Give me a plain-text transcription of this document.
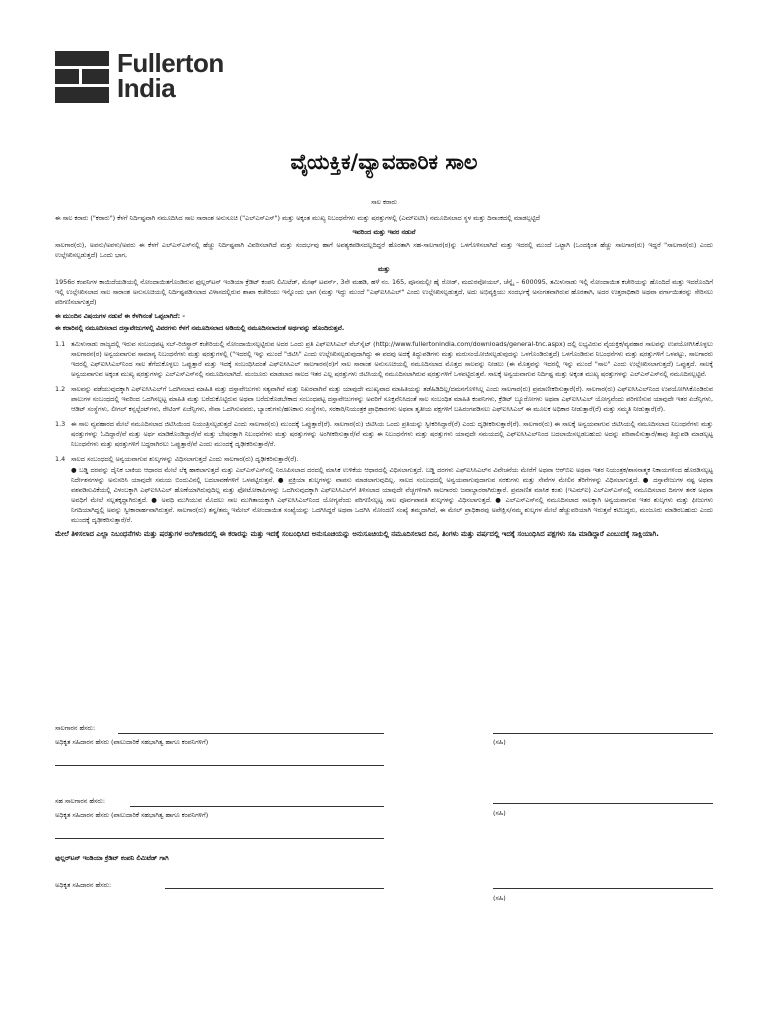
Fullerton
India
ವೈಯಕ್ತಿಕ/ವ್ಯಾವಹಾರಿಕ ಸಾಲ
ಸಾಲ ಕರಾರು

ಈ ಸಾಲ ಕರಾರು ("ಕರಾರು") ಕೆಳಗೆ ನಿರ್ದಿಷ್ಟವಾಗಿ ನಮೂದಿಸಿದ ಸಾಲ ಸಾರಾಂಶ ಅನುಸೂಚಿ ("ಎಲ್‌ಎಸ್‌ಎಸ್") ಮತ್ತು ಅಕ್ಕಂತ ಮುಖ್ಯ ನಿಬಂಧನೆಗಳು ಮತ್ತು ಷರತ್ತುಗಳಲ್ಲಿ (ಎಮ್‌ಐಟಿಸಿ) ನಮೂದಿಸಲಾದ ಸ್ಥಳ ಮತ್ತು ದಿನಾಂಕದಲ್ಲಿ ಮಾಡಲ್ಪಟ್ಟಿದೆ

ಇವರಿಂದ ಮತ್ತು ಇವರ ನಡುವೆ

ಸಾಲಗಾರ(ರು), ಅವನು/ಅವಳು/ಅವರು ಈ ಕೆಳಗೆ ಎಲ್‌ಎಸ್‌ಎಸ್‌ನಲ್ಲಿ ಹೆಚ್ಚು ನಿರ್ದಿಷ್ಟವಾಗಿ ವಿವರಿಸಲಾಗಿದೆ ಮತ್ತು ಸಂದರ್ಭವು ಹಾಗೆ ಅವಶ್ಯಕಪಡಿಸದಲ್ಲದಿದ್ದರೆ ಹೊರತಾಗಿ ಸಹ-ಸಾಲಗಾರ(ರ)ನ್ನು ಒಳಗೊಳಿಸಲಾಗಿದೆ ಮತ್ತು ಇದರಲ್ಲಿ ಮುಂದೆ ಒಟ್ಟಾಗಿ (ಒಂದಕ್ಕಿಂತ ಹೆಚ್ಚು ಸಾಲಗಾರ(ರು) ಇದ್ದರೆ "ಸಾಲಗಾರ(ರು) ಎಂದು ಉಲ್ಲೇಖಿಸಲ್ಪಡುತ್ತದೆ) ಒಂದು ಭಾಗ,

ಮತ್ತು

1956ರ ಕಂಪನಿಗಳ ಕಾಯಿದೆಯಡಿಯಲ್ಲಿ ನೋಂದಾಯಿತಗೊಂಡಿರುವ ಫುಲ್ಲರ್‌ಟನ್ ಇಂಡಿಯಾ ಕ್ರೆಡಿಟ್ ಕಂಪನಿ ಲಿಮಿಟೆಡ್, ಮೇಘ್ ಟವರ್ಸ್, 3ನೇ ಮಹಡಿ, ಹಳೆ ನಂ. 165, ಪೂನಮಲ್ಲೀ ಹೈ ರೋಡ್, ಮದುರವೋಯಲ್, ಚೆನ್ನೈ – 600095, ತಮಿಳುನಾಡು ಇಲ್ಲಿ ನೋಂದಾಯಿತ ಕಚೇರಿಯನ್ನು ಹೊಂದಿದೆ ಮತ್ತು ಇದರೊಂದಿಗೆ ಇಲ್ಲಿ ಉಲ್ಲೇಖಿಸಲಾದ ಸಾಲ ಸಾರಾಂಶ ಅನುಸೂಚಿಯಲ್ಲಿ ನಿರ್ದಿಷ್ಟಪಡಿಸಲಾದ ವಿಳಾಸದಲ್ಲಿರುವ ಶಾಖಾ ಕಚೇರಿಯು ಇನ್ನೊಂದು ಭಾಗ (ಮತ್ತು ಇದ್ದು ಮುಂದೆ "ಎಫ್‌ಐಸಿಸಿಎಲ್" ಎಂದು ಉಲ್ಲೇಖಿಸಲ್ಪಡುತ್ತದೆ, ಅದು ಅಭಿವ್ಯಕ್ತಿಯು ಸಂದರ್ಭಕ್ಕೆ ಅಸಂಗತವಾಗಿರುವ ಹೊರತಾಗಿ, ಅದರ ಉತ್ತರಾಧಿಕಾರಿ ಅಥವಾ ವರ್ಗಾಯಿತರನ್ನು ಸೇರಿಸಲು ಪರಿಗಣಿಸಲಾಗುತ್ತದೆ)

ಈ ಮುಂದಿನ ವಿಷಯಗಳ ನಡುವೆ ಈ ಕೆಳಗಿನಂತೆ ಒಪ್ಪಲಾಗಿದೆ: -
ಈ ಕರಾರಿನಲ್ಲಿ ನಮೂದಿಸಲಾದ ದಸ್ತಾವೇಜುಗಳಲ್ಲಿ ವಿವರಗಳು ಕೆಳಗೆ ನಮೂದಿಸಲಾದ ಅಡಿಯಲ್ಲಿ ನಮೂದಿಸಲಾದಂತೆ ಅರ್ಥವನ್ನು ಹೊಂದಿರುತ್ತವೆ.
1.1 ತಮಿಳುನಾಡು ರಾಜ್ಯದಲ್ಲಿ ಇರುವ ಸಂಬಂಧಪಟ್ಟ ಸಬ್-ರಿಜಿಸ್ಟ್ರಾರ್ ಕಚೇರಿಯಲ್ಲಿ ನೋಂದಾಯಿಸಲ್ಪಟ್ಟಿರುವ ಅದರ ಒಂದು ಪ್ರತಿ ಎಫ್‌ಐಸಿಸಿಎಲ್ ವೆಬ್‌ಸೈಟ್ (http://www.fullertonindia.com/downloads/general-tnc.aspx) ದಲ್ಲಿ ಲಭ್ಯವಿರುವ ವೈಯಕ್ತಿಕ/ವ್ಯವಹಾರ ಸಾಲವನ್ನು ಉಪಯೋಗಿಸಿಕೊಳ್ಳಲು ಸಾಲಗಾರನ(ರ) ಅನ್ವಯವಾಗುವ ಸಾಮಾನ್ಯ ನಿಬಂಧನೆಗಳು ಮತ್ತು ಷರತ್ತುಗಳಲ್ಲಿ ("ಇದರಲ್ಲಿ ಇನ್ನು ಮುಂದೆ "ಜಿಟಿಸಿ" ಎಂದು ಉಲ್ಲೇಖಿಸಲ್ಪಡುವುದಾಗಿದ್ದು ಈ ಪದವು ಅದಕ್ಕೆ ತಿದ್ದುಪಡಿಗಳು ಮತ್ತು ಮರುಸಂಯೋಜಿಸಲ್ಪಡುವುದನ್ನು ಒಳಗೊಂಡಿರುತ್ತದೆ) ಒಳಗೊಂಡಿರುವ ನಿಬಂಧನೆಗಳು ಮತ್ತು ಷರತ್ತುಗಳಿಗೆ ಒಳಪಟ್ಟು, ಸಾಲಗಾರರು ಇದರಲ್ಲಿ ಎಫ್‌ಐಸಿಸಿಎಲ್‌ನಿಂದ ಸಾಲ ತೆಗೆದುಕೊಳ್ಳಲು ಒಪ್ಪುತ್ತಾರೆ ಮತ್ತು ಇದಕ್ಕೆ ಸಂಬಂಧಿಸಿದಂತೆ ಎಫ್‌ಐಸಿಸಿಎಲ್ ಸಾಲಗಾರನ(ರ)ಗೆ ಸಾಲ ಸಾರಾಂಶ ಅನುಸೂಚಿಯಲ್ಲಿ ನಮೂದಿಸಲಾದ ಮೊತ್ತದ ಸಾಲವನ್ನು ನೀಡಲು (ಈ ಮೊತ್ತವನ್ನು ಇದರಲ್ಲಿ ಇನ್ನು ಮುಂದೆ "ಸಾಲ" ಎಂದು ಉಲ್ಲೇಖಿಸಲಾಗುತ್ತದೆ) ಒಪ್ಪುತ್ತದೆ. ಸಾಲಕ್ಕೆ ಅನ್ವಯವಾಗುವ ಅಕ್ಕಂತ ಮುಖ್ಯ ಷರತ್ತುಗಳನ್ನು ಎಲ್‌ಎಸ್‌ಎಸ್‌ನಲ್ಲಿ ನಮೂದಿಸಲಾಗಿದೆ. ಮಂಜೂರು ಮಾಡಲಾದ ಸಾಲದ ಇತರ ಎಲ್ಲ ಷರತ್ತುಗಳು ಜಿಟಿಸಿಯಲ್ಲಿ ನಮೂದಿಸಲಾಗಿರುವ ಷರತ್ತುಗಳಿಗೆ ಒಳಪಟ್ಟಿರುತ್ತವೆ. ಸಾಲಕ್ಕೆ ಅನ್ವಯವಾಗುವ ನಿರ್ದಿಷ್ಟ ಮತ್ತು ಅಕ್ಕಂತ ಮುಖ್ಯ ಷರತ್ತುಗಳನ್ನು ಎಲ್‌ಎಸ್‌ಎಸ್‌ನಲ್ಲಿ ನಮೂದಿಸಲ್ಪಟ್ಟಿವೆ.
1.2 ಸಾಲವನ್ನು ಪಡೆಯುವುದಕ್ಕಾಗಿ ಎಫ್‌ಐಸಿಸಿಎಲ್‌ಗೆ ಒದಗಿಸಲಾದ ಮಾಹಿತಿ ಮತ್ತು ದಸ್ತಾವೇಜುಗಳು ಸತ್ಯವಾಗಿವೆ ಮತ್ತು ನಿಖರವಾಗಿವೆ ಮತ್ತು ಯಾವುದೇ ಮುಖ್ಯವಾದ ಮಾಹಿತಿಯನ್ನು ತಡೆಹಿಡಿದಿಲ್ಲ/ದಮನಗೊಳಿಸಿಲ್ಲ ಎಂದು ಸಾಲಗಾರ(ರು) ಪ್ರಮಾಣೀಕರಿಸುತ್ತಾರೆ(ರೆ). ಸಾಲಗಾರ(ರು) ಎಫ್‌ಐಸಿಸಿಎಲ್‌ನಿಂದ ಉಪಯೋಗಿಸಿಕೊಂಡಿರುವ ಪಾಲುಗಳ ಸಂಬಂಧದಲ್ಲಿ ಇವರಿಂದ ಒದಗಿಸಲ್ಪಟ್ಟ ಮಾಹಿತಿ ಮತ್ತು ಬರೆದುಕೊಟ್ಟಿರುವ ಅಥವಾ ಬರೆದುಕೊಡಬೇಕಾದ ಸಂಬಂಧಪಟ್ಟ ದಸ್ತಾವೇಜುಗಳನ್ನು ಅವರಿಗೆ ಸೂಕ್ತವೆನಿಸಿದಂತೆ ಸಾಲ ಸಂಬಂಧಿತ ಮಾಹಿತಿ ಕಂಪನಿಗಳು, ಕ್ರೆಡಿಟ್ ಬ್ಯೂರೋಗಳು ಅಥವಾ ಎಫ್‌ಐಸಿಸಿಎಲ್ ಯೋಗ್ಯವೆಂದು ಪರಿಗಣಿಸುವ ಯಾವುದೇ ಇತರ ಏಜೆನ್ಸಿಗಳು, ಆಡಿಟ್ ಸಂಸ್ಥೆಗಳು, ಲೀಗಲ್ ಕನ್ಸಲ್ಟೆಂಟ್‌ಗಳು, ರೇಟಿಂಗ್ ಏಜೆನ್ಸಿಗಳು, ಸೇವಾ ಒದಗಿಸುವವರು, ಬ್ಯಾಂಕುಗಳು/ಹಣಕಾಸು ಸಂಸ್ಥೆಗಳು, ಸರಕಾರಿ/ನಿಯಂತ್ರಕ ಪ್ರಾಧಿಕಾರಗಳು ಅಥವಾ ತೃತೀಯ ಪಕ್ಷಗಳಿಗೆ ಬಹಿರಂಗಪಡಿಸಲು ಎಫ್‌ಐಸಿಸಿಎಲ್ ಈ ಮೂಲಕ ಅಧಿಕಾರ ನೀಡುತ್ತಾರೆ(ರೆ) ಮತ್ತು ಸಮ್ಮತಿ ನೀಡುತ್ತಾರೆ(ರೆ).
1.3 ಈ ಸಾಲ ವ್ಯವಹಾರದ ಮೇಲೆ ನಮೂದಿಸಲಾದ ಜಿಟಿಸಿಯಿಂದ ನಿಯಂತ್ರಿಸಲ್ಪಡುತ್ತದೆ ಎಂದು ಸಾಲಗಾರ(ರು) ಮುಂದಕ್ಕೆ ಒಪ್ಪುತ್ತಾರೆ(ರೆ). ಸಾಲಗಾರ(ರು) ಜಿಟಿಸಿಯ ಒಂದು ಪ್ರತಿಯನ್ನು ಸ್ವೀಕರಿಸಿದ್ದಾರೆ(ರೆ) ಎಂದು ದೃಢೀಕರಿಸುತ್ತಾರೆ(ರೆ). ಸಾಲಗಾರ(ರು) ಈ ಸಾಲಕ್ಕೆ ಅನ್ವಯವಾಗುವ ಜಿಟಿಸಿಯಲ್ಲಿ ನಮೂದಿಸಲಾದ ನಿಬಂಧನೆಗಳು ಮತ್ತು ಷರತ್ತುಗಳನ್ನು ಓದಿದ್ದಾರೆ/ವೆ ಮತ್ತು ಅರ್ಥ ಮಾಡಿಕೊಂಡಿದ್ದಾರೆ/ವೆ ಮತ್ತು ಬೇಷರತ್ತಾಗಿ ನಿಬಂಧನೆಗಳು ಮತ್ತು ಷರತ್ತುಗಳನ್ನು ಅಂಗೀಕರಿಸುತ್ತಾರೆ/ವೆ ಮತ್ತು ಈ ನಿಬಂಧನೆಗಳು ಮತ್ತು ಷರತ್ತುಗಳು ಯಾವುದೇ ಸಮಯದಲ್ಲಿ ಎಫ್‌ಐಸಿಸಿಎಲ್‌ನಿಂದ ಬದಲಾಯಿಸಲ್ಪಡಬಹುದು ಅದನ್ನು ಪರಿಪಾಲಿಸುತ್ತಾರೆ/ತಾವು ತಿದ್ದುಪಡಿ ಮಾಡಲ್ಪಟ್ಟ ನಿಬಂಧನೆಗಳು ಮತ್ತು ಷರತ್ತುಗಳಿಗೆ ಬದ್ಧರಾಗಿರಲು ಒಪ್ಪುತ್ತಾರೆ/ವೆ ಎಂದು ಮುಂದಕ್ಕೆ ದೃಢೀಕರಿಸುತ್ತಾರೆ/ರೆ.
1.4 ಸಾಲದ ಸಂಬಂಧದಲ್ಲಿ ಅನ್ವಯವಾಗುವ ಶುಲ್ಕಗಳನ್ನು ವಿಧಿಸಲಾಗುತ್ತದೆ ಎಂದು ಸಾಲಗಾರ(ರು) ದೃಢೀಕರಿಸುತ್ತಾರೆ(ರೆ).

● ಬಡ್ಡಿ ದರವನ್ನು ದೈನಿಕ ಬಾಕಿಯ ಆಧಾರದ ಮೇಲೆ ಲೆಕ್ಕ ಹಾಕಲಾಗುತ್ತದೆ ಮತ್ತು ಎಲ್‌ಎಸ್‌ಎಸ್‌ನಲ್ಲಿ ನಿರೂಪಿಸಲಾದ ದರದಲ್ಲಿ ಮಾಸಿಕ ಉಳಿಕೆಯ ಆಧಾರದಲ್ಲಿ ವಿಧಿಸಲಾಗುತ್ತದೆ. ಬಡ್ಡಿ ದರಗಳು ಎಫ್‌ಐಸಿಸಿಎಲ್‌ನ ವಿವೇಚನೆಯ ಮೇರೆಗೆ ಅಥವಾ ಆರ್‌ಬಿಐ ಅಥವಾ ಇತರ ನಿಯಂತ್ರಕ/ಶಾಸನಾತ್ಮಕ ನಿಕಾಯಗಳಿಂದ ಹೊರಡಿಸಲ್ಪಟ್ಟ ನಿರ್ದೇಶನಗಳನ್ನು ಅನುಸರಿಸಿ ಯಾವುದೇ ಸಮಯ ಬಿಂದುವಿನಲ್ಲಿ ಬದಲಾವಣೆಗಳಿಗೆ ಒಳಪಟ್ಟಿರುತ್ತವೆ. ● ಪ್ರಕ್ರಿಯಾ ಶುಲ್ಕಗಳನ್ನು ವಾಪಸು ಮಾಡಲಾಗುವುದಿಲ್ಲ. ಸಾಲದ ಸಂಬಂಧದಲ್ಲಿ ಅನ್ವಯವಾಗುವುದಾಗುವ ಸರಕುಗಳು ಮತ್ತು ಸೇವೆಗಳ ಮೇಲಿನ ತೆರಿಗೆಗಳನ್ನು ವಿಧಿಸಲಾಗುತ್ತದೆ. ● ದಸ್ತಾವೇಜುಗಳ ನಷ್ಟ ಅಥವಾ ವಶಪಡಿಸುವಿಕೆಯಲ್ಲಿ ವಿಳಂಬಕ್ಕಾಗಿ ಎಫ್‌ಐಸಿಸಿಎಲ್ ಹೊಣೆಯಾಗಿರುವುದಿಲ್ಲ ಮತ್ತು ಫೋಟೋಕಾಪಿಗಳನ್ನು ಒದಗಿಸುವುದಕ್ಕಾಗಿ ಎಫ್‌ಐಸಿಸಿಎಲ್‌ಗೆ ತಿಳಿಸಲಾದ ಯಾವುದೇ ವೆಚ್ಚಗಳಿಗಾಗಿ ಸಾಲಗಾರರು ಜವಾಬ್ದಾರರಾಗಿರುತ್ತಾರೆ. ಪ್ರಮಾಣಿತ ಮಾಸಿಕ ಕಂತು (ಇಎಮ್‌ಐ) ಎಲ್‌ಎಸ್‌ಎಸ್‌ನಲ್ಲಿ ನಮೂದಿಸಲಾದ ದಿನಗಳ ತನಕ ಅಥವಾ ಅವಧಿಗೆ ಮೇಲೆ ಸಲ್ಲತಕ್ಕದ್ದಾಗಿರುತ್ತದೆ. ● ಅವಧಿ ಮುಗಿಯುವ ಮೊದಲು ಸಾಲ ಮುಗಿತಾಯಕ್ಕಾಗಿ ಎಫ್‌ಐಸಿಸಿಎಲ್‌ನಿಂದ ಯೋಗ್ಯವೆಂದು ಪರಿಗಣಿಸಲ್ಪಟ್ಟ ಸಾಲ ಪೂರ್ವಪಾವತಿ ಶುಲ್ಕಗಳನ್ನು ವಿಧಿಸಲಾಗುತ್ತದೆ. ● ಎಲ್‌ಎಸ್‌ಎಸ್‌ನಲ್ಲಿ ನಮೂದಿಸಲಾದ ಸಾಲಕ್ಕಾಗಿ ಅನ್ವಯವಾಗುವ ಇತರ ಶುಲ್ಕಗಳು ಮತ್ತು ಫೀಜುಗಳು ನಿಗದಿಯಾಗಿದ್ದಲ್ಲಿ ಅವನ್ನು ಸ್ವೀಕಾರಾರ್ಹವಾಗಿರುತ್ತವೆ. ಸಾಲಗಾರ(ರು) ತನ್ನ/ತಮ್ಮ ಇಮೇಲ್ ನೋಂದಾಯಿತ ಸಂಖ್ಯೆಯನ್ನು ಒದಗಿಸಿದ್ದರೆ ಅಥವಾ ಒದಗಿಸಿ ನೋಂದಣಿ ಸಂಖ್ಯೆ ತಮ್ಮದಾಗಿದೆ, ಈ ಮೇಲ್ ಪ್ರಾಧಿಕಾರವು ಅಪೇಕ್ಷಿಸ/ನಮ್ಮ ಶುಲ್ಕಗಳ ಮೇಲೆ ಹೆಚ್ಚುವರಿಯಾಗಿ ಇರುತ್ತವೆ ಕಟಿಬದ್ಧರು, ಮಂಜೂರು ಮಾಡಿರಬಹುದು ಎಂದು ಮುಂದಕ್ಕೆ ದೃಢೀಕರಿಸುತ್ತಾರೆ/ರೆ.

ಮೇಲೆ ತಿಳಿಸಲಾದ ಎಲ್ಲಾ ನಿಬಂಧನೆಗಳು ಮತ್ತು ಷರತ್ತುಗಳ ಅಂಗೀಕಾರದಲ್ಲಿ ಈ ಕರಾರನ್ನು ಮತ್ತು ಇದಕ್ಕೆ ಸಂಬಂಧಿಸಿದ ಅನುಸೂಚಿಯನ್ನು ಅನುಸೂಚಿಯಲ್ಲಿ ನಮೂದಿಸಲಾದ ದಿನ, ತಿಂಗಳು ಮತ್ತು ವರ್ಷದಲ್ಲಿ ಇದಕ್ಕೆ ಸಂಬಂಧಿಸಿದ ಪಕ್ಷಗಳು ಸಹಿ ಮಾಡಿದ್ದಾರೆ ಎಂಬುದಕ್ಕೆ ಸಾಕ್ಷಿಯಾಗಿ.

ಸಾಲಗಾರನ ಹೆಸರು:
ಅಧಿಕೃತ ಸಹಿದಾರನ ಹೆಸರು (ಪಾಲುದಾರಿಕೆ ಸಹಭಾಗಿತ್ವ ಹಾಗೂ ಕಂಪನಿಗಳಿಗೆ)	(ಸಹಿ)
ಸಹ ಸಾಲಗಾರನ ಹೆಸರು:
ಅಧಿಕೃತ ಸಹಿದಾರನ ಹೆಸರು (ಪಾಲುದಾರಿಕೆ ಸಹಭಾಗಿತ್ವ ಹಾಗೂ ಕಂಪನಿಗಳಿಗೆ)	(ಸಹಿ)
ಫುಲ್ಲರ್‌ಟನ್ ಇಂಡಿಯಾ ಕ್ರೆಡಿಟ್ ಕಂಪನಿ ಲಿಮಿಟೆಡ್ ಗಾಗಿ
ಅಧಿಕೃತ ಸಹಿದಾರನ ಹೆಸರು:
(ಸಹಿ)
